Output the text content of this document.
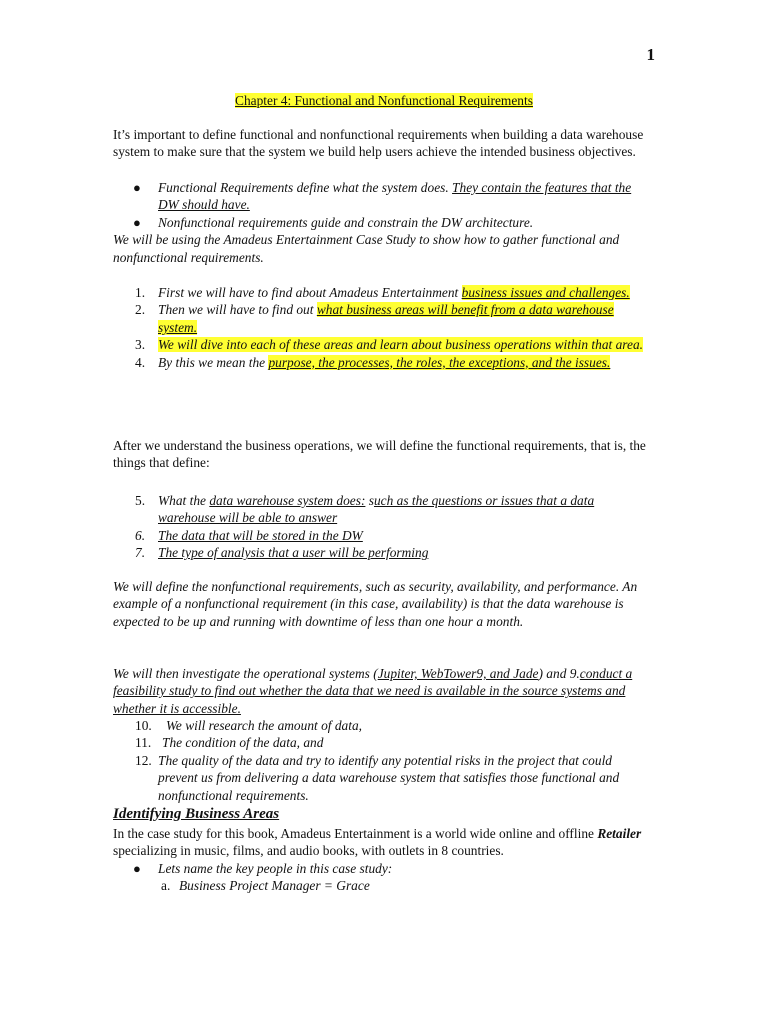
1
Chapter 4: Functional and Nonfunctional Requirements
It’s important to define functional and nonfunctional requirements when building a data warehouse system to make sure that the system we build help users achieve the intended business objectives.
● Functional Requirements define what the system does. They contain the features that the DW should have.
● Nonfunctional requirements guide and constrain the DW architecture.
We will be using the Amadeus Entertainment Case Study to show how to gather functional and nonfunctional requirements.
1. First we will have to find about Amadeus Entertainment business issues and challenges.
2. Then we will have to find out what business areas will benefit from a data warehouse system.
3. We will dive into each of these areas and learn about business operations within that area.
4. By this we mean the purpose, the processes, the roles, the exceptions, and the issues.
After we understand the business operations, we will define the functional requirements, that is, the things that define:
5. What the data warehouse system does: such as the questions or issues that a data warehouse will be able to answer
6. The data that will be stored in the DW
7. The type of analysis that a user will be performing
We will define the nonfunctional requirements, such as security, availability, and performance. An example of a nonfunctional requirement (in this case, availability) is that the data warehouse is expected to be up and running with downtime of less than one hour a month.
We will then investigate the operational systems (Jupiter, WebTower9, and Jade) and 9.conduct a feasibility study to find out whether the data that we need is available in the source systems and whether it is accessible.
10. We will research the amount of data,
11. The condition of the data, and
12. The quality of the data and try to identify any potential risks in the project that could prevent us from delivering a data warehouse system that satisfies those functional and nonfunctional requirements.
Identifying Business Areas
In the case study for this book, Amadeus Entertainment is a world wide online and offline Retailer specializing in music, films, and audio books, with outlets in 8 countries.
● Lets name the key people in this case study:
a. Business Project Manager = Grace
